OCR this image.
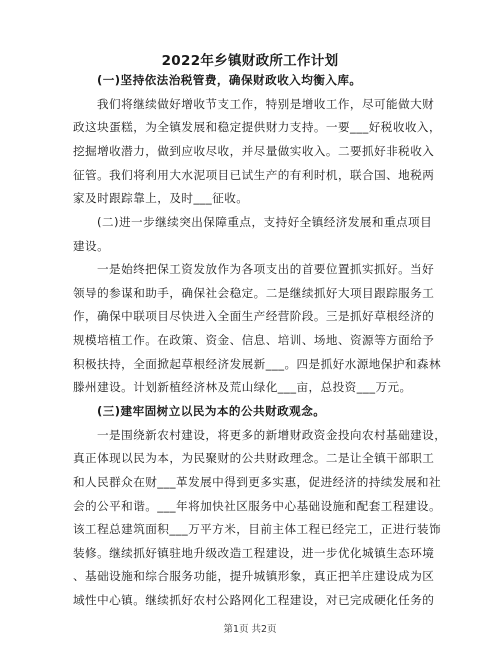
2022年乡镇财政所工作计划
(一)坚持依法治税管费，确保财政收入均衡入库。
我们将继续做好增收节支工作，特别是增收工作，尽可能做大财
政这块蛋糕，为全镇发展和稳定提供财力支持。一要___好税收收入，
挖掘增收潜力，做到应收尽收，并尽量做实收入。二要抓好非税收入
征管。我们将利用大水泥项目已试生产的有利时机，联合国、地税两
家及时跟踪靠上，及时___征收。
(二)进一步继续突出保障重点，支持好全镇经济发展和重点项目
建设。
一是始终把保工资发放作为各项支出的首要位置抓实抓好。当好
领导的参谋和助手，确保社会稳定。二是继续抓好大项目跟踪服务工
作，确保中联项目尽快进入全面生产经营阶段。三是抓好草根经济的
规模培植工作。在政策、资金、信息、培训、场地、资源等方面给予
积极扶持，全面掀起草根经济发展新___。四是抓好水源地保护和森林
滕州建设。计划新植经济林及荒山绿化___亩，总投资___万元。
(三)建牢固树立以民为本的公共财政观念。
一是围绕新农村建设，将更多的新增财政资金投向农村基础建设，
真正体现以民为本，为民聚财的公共财政理念。二是让全镇干部职工
和人民群众在财___革发展中得到更多实惠，促进经济的持续发展和社
会的公平和谐。___年将加快社区服务中心基础设施和配套工程建设。
该工程总建筑面积___万平方米，目前主体工程已经完工，正进行装饰
装修。继续抓好镇驻地升级改造工程建设，进一步优化城镇生态环境
、基础设施和综合服务功能，提升城镇形象，真正把羊庄建设成为区
域性中心镇。继续抓好农村公路网化工程建设，对已完成硬化任务的
第1页 共2页
